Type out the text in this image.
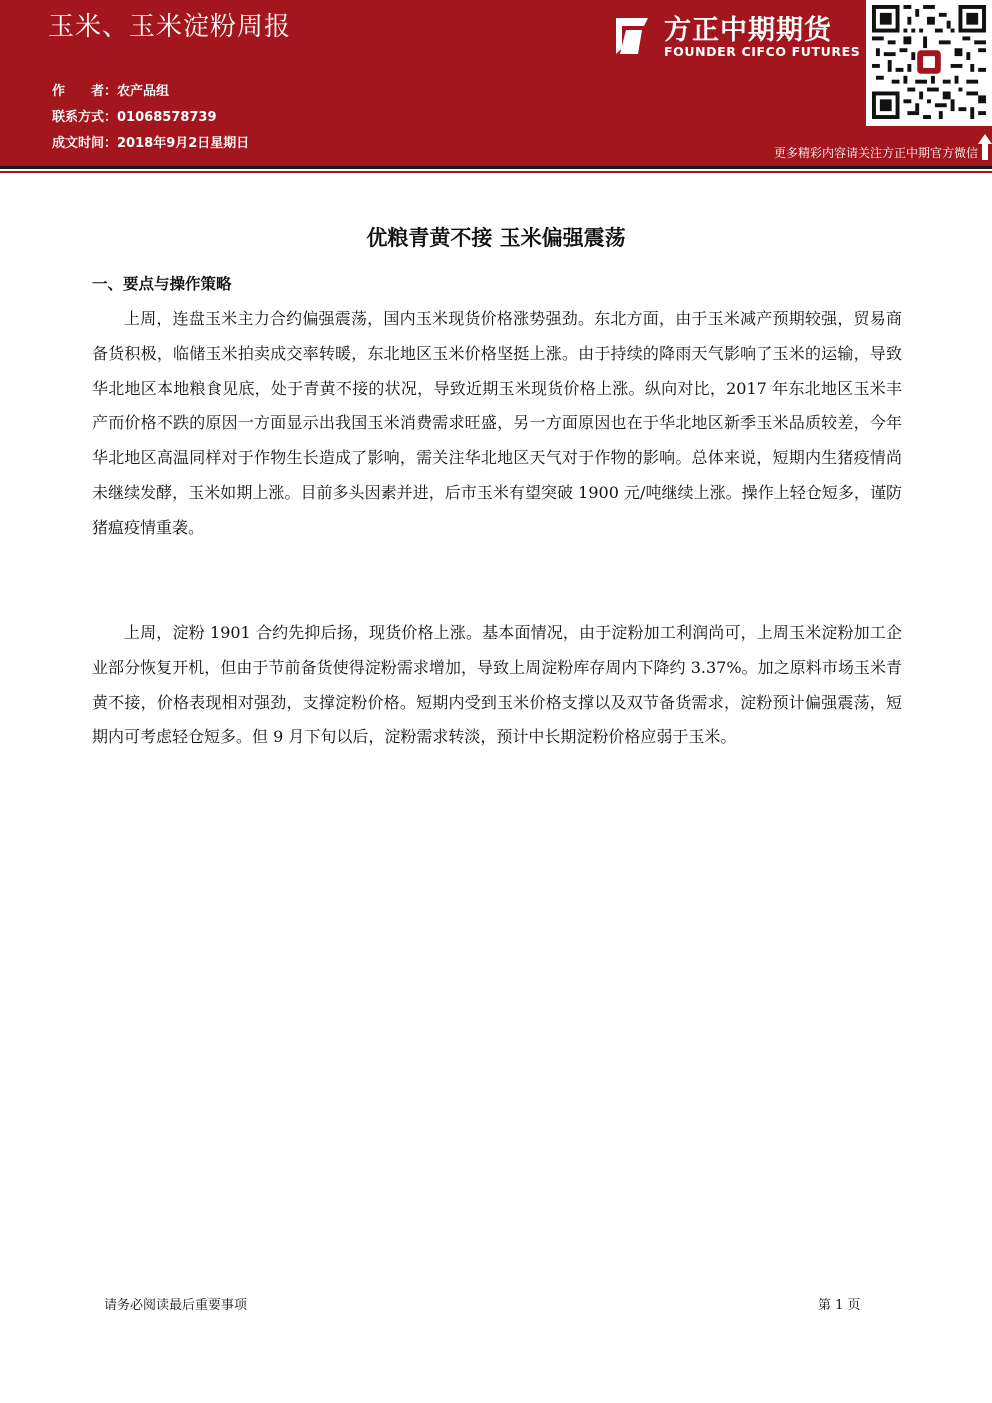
玉米、玉米淀粉周报
作　　者：农产品组
联系方式：01068578739
成文时间：2018年9月2日星期日
方正中期期货
FOUNDER CIFCO FUTURES
更多精彩内容请关注方正中期官方微信
优粮青黄不接 玉米偏强震荡
一、要点与操作策略

上周，连盘玉米主力合约偏强震荡，国内玉米现货价格涨势强劲。东北方面，由于玉米减产预期较强，贸易商备货积极，临储玉米拍卖成交率转暖，东北地区玉米价格坚挺上涨。由于持续的降雨天气影响了玉米的运输，导致华北地区本地粮食见底，处于青黄不接的状况，导致近期玉米现货价格上涨。纵向对比，2017 年东北地区玉米丰产而价格不跌的原因一方面显示出我国玉米消费需求旺盛，另一方面原因也在于华北地区新季玉米品质较差，今年华北地区高温同样对于作物生长造成了影响，需关注华北地区天气对于作物的影响。总体来说，短期内生猪疫情尚未继续发酵，玉米如期上涨。目前多头因素并进，后市玉米有望突破 1900 元/吨继续上涨。操作上轻仓短多，谨防猪瘟疫情重袭。

上周，淀粉 1901 合约先抑后扬，现货价格上涨。基本面情况，由于淀粉加工利润尚可，上周玉米淀粉加工企业部分恢复开机，但由于节前备货使得淀粉需求增加，导致上周淀粉库存周内下降约 3.37%。加之原料市场玉米青黄不接，价格表现相对强劲，支撑淀粉价格。短期内受到玉米价格支撑以及双节备货需求，淀粉预计偏强震荡，短期内可考虑轻仓短多。但 9 月下旬以后，淀粉需求转淡，预计中长期淀粉价格应弱于玉米。

请务必阅读最后重要事项	第 1 页
